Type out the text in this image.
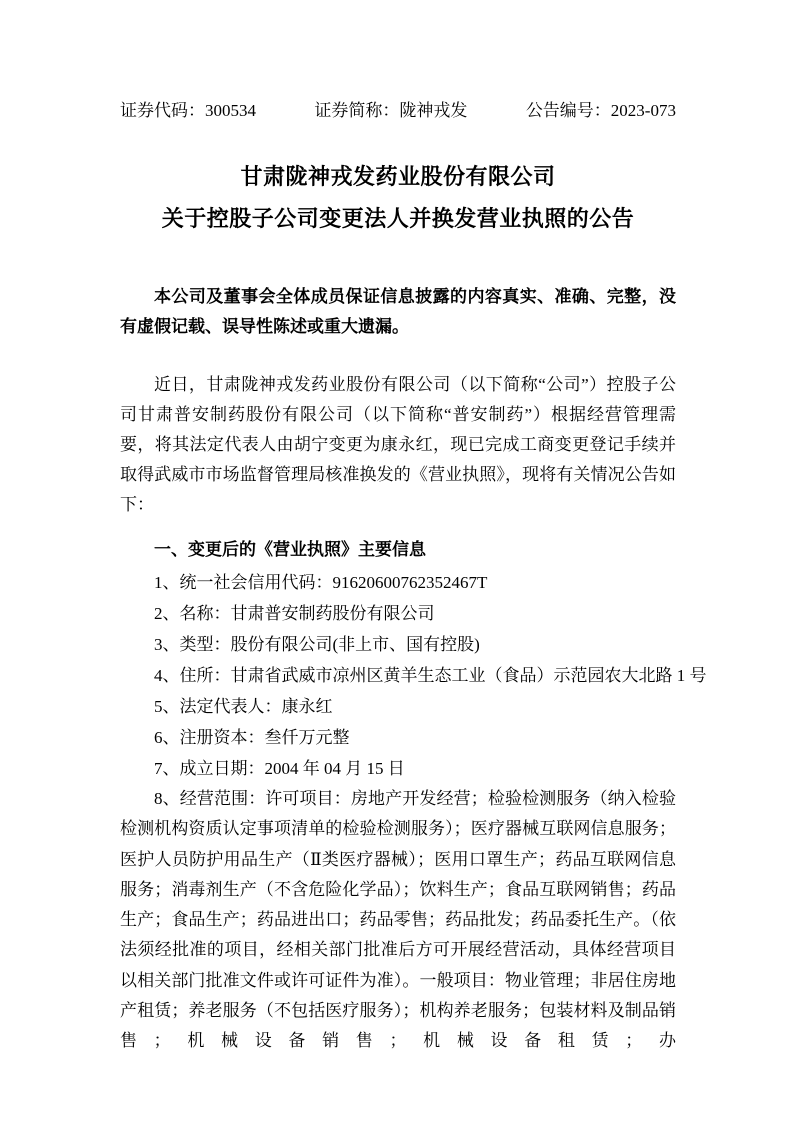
证券代码：300534	证券简称：陇神戎发	公告编号：2023-073
甘肃陇神戎发药业股份有限公司
关于控股子公司变更法人并换发营业执照的公告
本公司及董事会全体成员保证信息披露的内容真实、准确、完整，没有虚假记载、误导性陈述或重大遗漏。
近日，甘肃陇神戎发药业股份有限公司（以下简称“公司”）控股子公司甘肃普安制药股份有限公司（以下简称“普安制药”）根据经营管理需要，将其法定代表人由胡宁变更为康永红，现已完成工商变更登记手续并取得武威市市场监督管理局核准换发的《营业执照》，现将有关情况公告如下：
一、变更后的《营业执照》主要信息
1、统一社会信用代码：91620600762352467T
2、名称：甘肃普安制药股份有限公司
3、类型：股份有限公司(非上市、国有控股)
4、住所：甘肃省武威市凉州区黄羊生态工业（食品）示范园农大北路 1 号
5、法定代表人：康永红
6、注册资本：叁仟万元整
7、成立日期：2004 年 04 月 15 日
8、经营范围：许可项目：房地产开发经营；检验检测服务（纳入检验检测机构资质认定事项清单的检验检测服务）；医疗器械互联网信息服务；医护人员防护用品生产（Ⅱ类医疗器械）；医用口罩生产；药品互联网信息服务；消毒剂生产（不含危险化学品）；饮料生产；食品互联网销售；药品生产；食品生产；药品进出口；药品零售；药品批发；药品委托生产。（依法须经批准的项目，经相关部门批准后方可开展经营活动，具体经营项目以相关部门批准文件或许可证件为准）。一般项目：物业管理；非居住房地产租赁；养老服务（不包括医疗服务）；机构养老服务；包装材料及制品销售；机械设备销售；机械设备租赁；办
